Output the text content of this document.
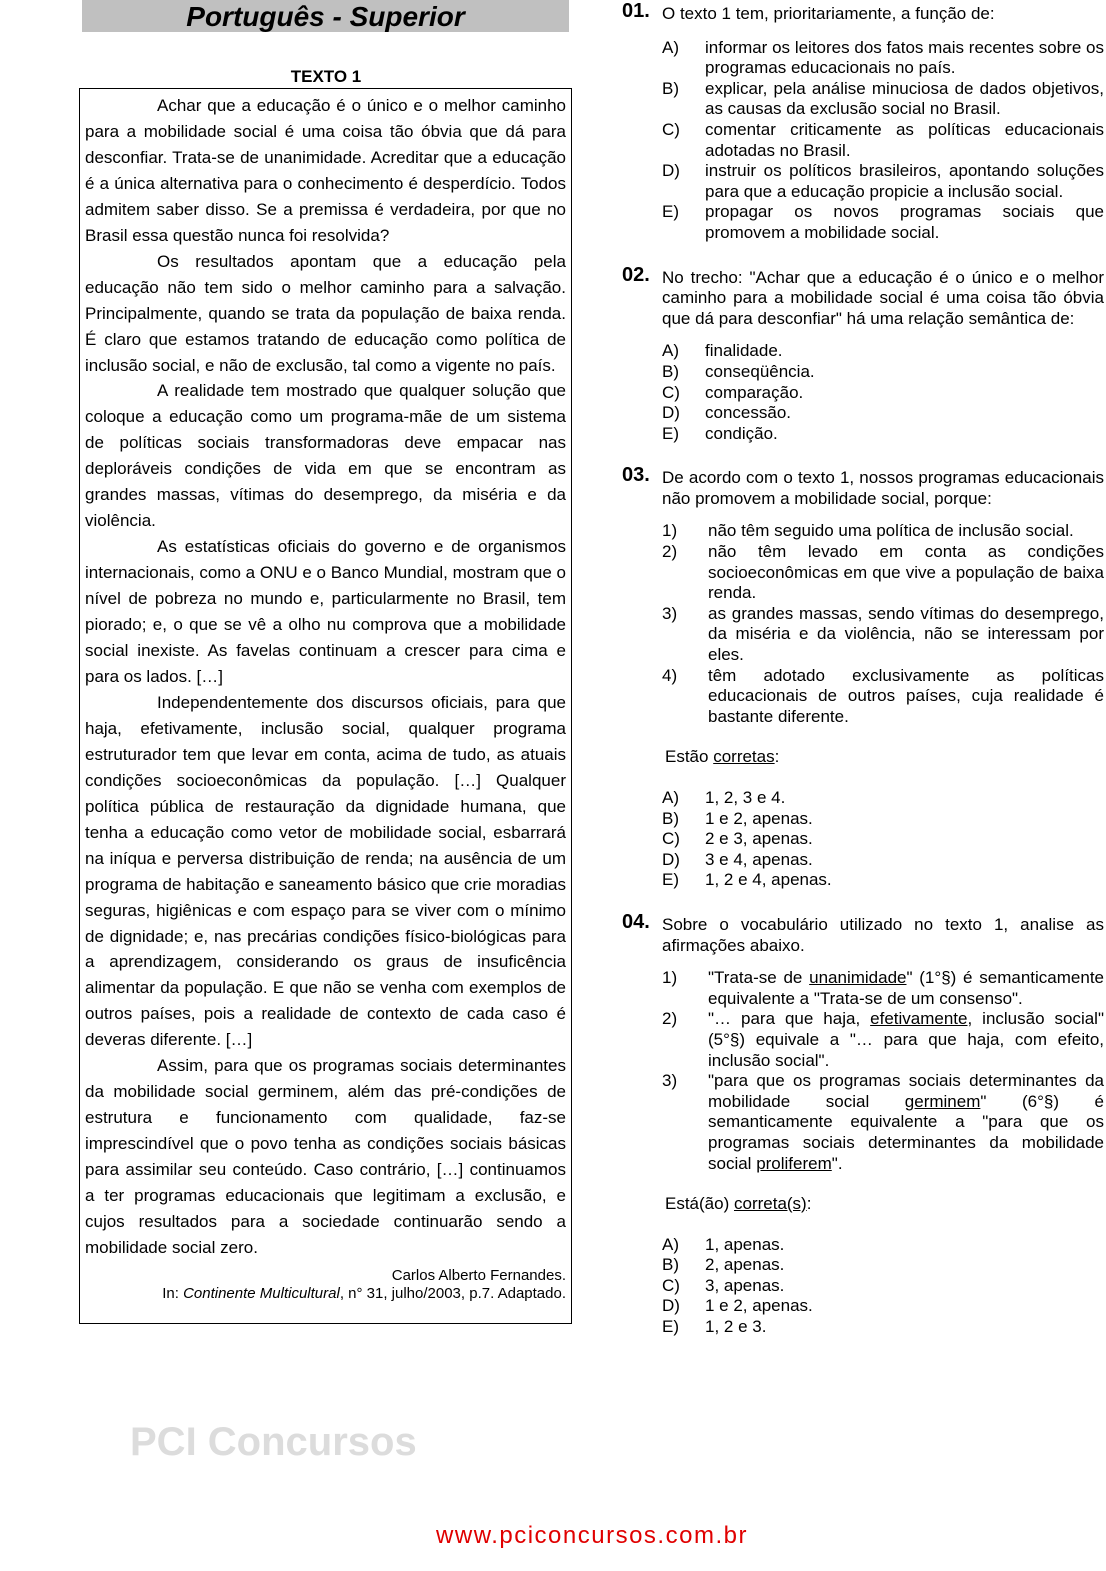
PCI Concursos
Português - Superior
TEXTO 1

Achar que a educação é o único e o melhor caminho para a mobilidade social é uma coisa tão óbvia que dá para desconfiar. Trata-se de unanimidade. Acreditar que a educação é a única alternativa para o conhecimento é desperdício. Todos admitem saber disso. Se a premissa é verdadeira, por que no Brasil essa questão nunca foi resolvida?

Os resultados apontam que a educação pela educação não tem sido o melhor caminho para a salvação. Principalmente, quando se trata da população de baixa renda. É claro que estamos tratando de educação como política de inclusão social, e não de exclusão, tal como a vigente no país.

A realidade tem mostrado que qualquer solução que coloque a educação como um programa-mãe de um sistema de políticas sociais transformadoras deve empacar nas deploráveis condições de vida em que se encontram as grandes massas, vítimas do desemprego, da miséria e da violência.

As estatísticas oficiais do governo e de organismos internacionais, como a ONU e o Banco Mundial, mostram que o nível de pobreza no mundo e, particularmente no Brasil, tem piorado; e, o que se vê a olho nu comprova que a mobilidade social inexiste. As favelas continuam a crescer para cima e para os lados. […]

Independentemente dos discursos oficiais, para que haja, efetivamente, inclusão social, qualquer programa estruturador tem que levar em conta, acima de tudo, as atuais condições socioeconômicas da população. […] Qualquer política pública de restauração da dignidade humana, que tenha a educação como vetor de mobilidade social, esbarrará na iníqua e perversa distribuição de renda; na ausência de um programa de habitação e saneamento básico que crie moradias seguras, higiênicas e com espaço para se viver com o mínimo de dignidade; e, nas precárias condições físico-biológicas para a aprendizagem, considerando os graus de insuficência alimentar da população. E que não se venha com exemplos de outros países, pois a realidade de contexto de cada caso é deveras diferente. […]

Assim, para que os programas sociais determinantes da mobilidade social germinem, além das pré-condições de estrutura e funcionamento com qualidade, faz-se imprescindível que o povo tenha as condições sociais básicas para assimilar seu conteúdo. Caso contrário, […] continuamos a ter programas educacionais que legitimam a exclusão, e cujos resultados para a sociedade continuarão sendo a mobilidade social zero.

Carlos Alberto Fernandes.
In: Continente Multicultural, n° 31, julho/2003, p.7. Adaptado.
01. O texto 1 tem, prioritariamente, a função de:
A)	informar os leitores dos fatos mais recentes sobre os programas educacionais no país.
B)	explicar, pela análise minuciosa de dados objetivos, as causas da exclusão social no Brasil.
C)	comentar criticamente as políticas educacionais adotadas no Brasil.
D)	instruir os políticos brasileiros, apontando soluções para que a educação propicie a inclusão social.
E)	propagar os novos programas sociais que promovem a mobilidade social.
02. No trecho: "Achar que a educação é o único e o melhor caminho para a mobilidade social é uma coisa tão óbvia que dá para desconfiar" há uma relação semântica de:
A)	finalidade.
B)	conseqüência.
C)	comparação.
D)	concessão.
E)	condição.
03. De acordo com o texto 1, nossos programas educacionais não promovem a mobilidade social, porque:
1)	não têm seguido uma política de inclusão social.
2)	não têm levado em conta as condições socioeconômicas em que vive a população de baixa renda.
3)	as grandes massas, sendo vítimas do desemprego, da miséria e da violência, não se interessam por eles.
4)	têm adotado exclusivamente as políticas educacionais de outros países, cuja realidade é bastante diferente.
Estão corretas:
A)	1, 2, 3 e 4.
B)	1 e 2, apenas.
C)	2 e 3, apenas.
D)	3 e 4, apenas.
E)	1, 2 e 4, apenas.
04. Sobre o vocabulário utilizado no texto 1, analise as afirmações abaixo.
1)	"Trata-se de unanimidade" (1°§) é semanticamente equivalente a "Trata-se de um consenso".
2)	"… para que haja, efetivamente, inclusão social" (5°§) equivale a "… para que haja, com efeito, inclusão social".
3)	"para que os programas sociais determinantes da mobilidade social germinem" (6°§) é semanticamente equivalente a "para que os programas sociais determinantes da mobilidade social proliferem".
Está(ão) correta(s):
A)	1, apenas.
B)	2, apenas.
C)	3, apenas.
D)	1 e 2, apenas.
E)	1, 2 e 3.
www.pciconcursos.com.br
